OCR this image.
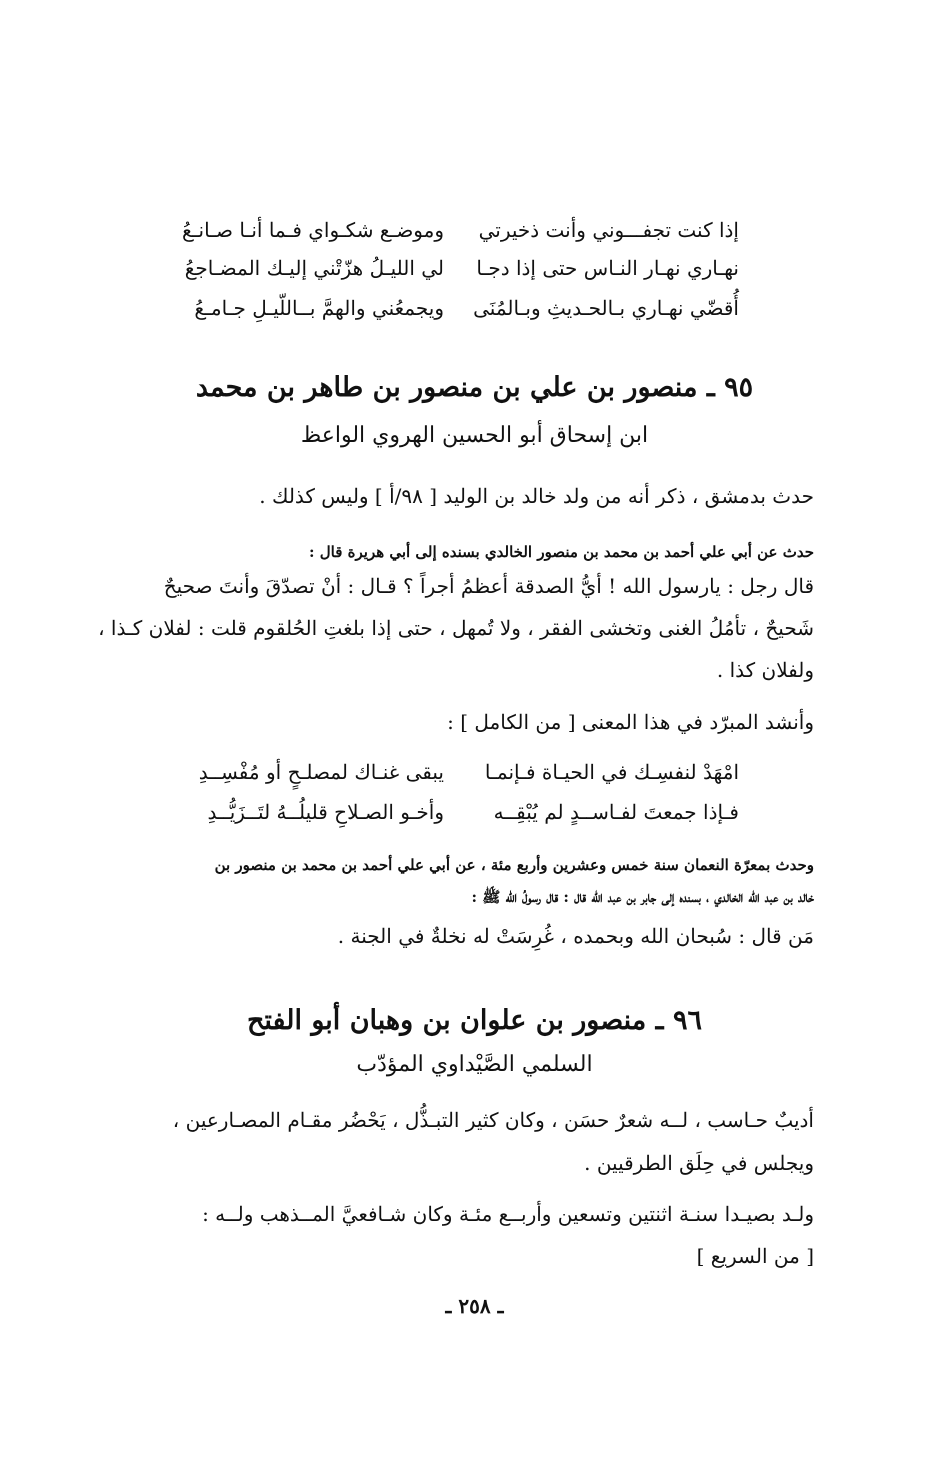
إذا كنت تجفـــوني وأنت ذخيرتي
وموضـع شكـواي فـما أنـا صـانـعُ
نهـاري نهـار النـاس حتى إذا دجـا
لي الليـلُ هزّتْني إليـك المضـاجعُ
أُقضّي نهـاري بـالحـديثِ وبـالمُنَى
ويجمعُني والهمَّ بــاللّيـلِ جـامـعُ
٩٥ ـ منصور بن علي بن منصور بن طاهر بن محمد
ابن إسحاق أبو الحسين الهروي الواعظ
حدث بدمشق ، ذكر أنه من ولد خالد بن الوليد [ ٩٨/أ ] وليس كذلك .
حدث عن أبي علي أحمد بن محمد بن منصور الخالدي بسنده إلى أبي هريرة قال :
قال رجل : يارسول الله ! أيُّ الصدقة أعظمُ أجراً ؟ قـال : أنْ تصدّقَ وأنتَ صحيحٌ
شَحيحٌ ، تأمُلُ الغنى وتخشى الفقر ، ولا تُمهل ، حتى إذا بلغتِ الحُلقوم قلت : لفلان كـذا ،
ولفلان كذا .
وأنشد المبرّد في هذا المعنى [ من الكامل ] :
امْهَدْ لنفسِـك في الحيـاة فـإنمـا
يبقى غنـاك لمصلـحٍ أو مُفْسِــدِ
فـإذا جمعتَ لفـاســدٍ لم يُبْقِــه
وأخـو الصـلاحِ قليلُــهُ لتَــزَيُّــدِ
وحدث بمعرّة النعمان سنة خمس وعشرين وأربع مئة ، عن أبي علي أحمد بن محمد بن منصور بن
خالد بن عبد الله الخالدي ، بسنده إلى جابر بن عبد الله قال : قال رسولُ الله ﷺ :
مَن قال : سُبحان الله وبحمده ، غُرِسَتْ له نخلةٌ في الجنة .
٩٦ ـ منصور بن علوان بن وهبان أبو الفتح
السلمي الصَّيْداوي المؤدّب
أديبٌ حـاسب ، لــه شعرٌ حسَن ، وكان كثير التبـذُّل ، يَحْضُر مقـام المصـارعين ،
ويجلس في حِلَق الطرقيين .
ولـد بصيـدا سنـة اثنتين وتسعين وأربــع مئـة وكان شـافعيَّ المــذهب ولــه :
[ من السريع ]
ـ ٢٥٨ ـ
